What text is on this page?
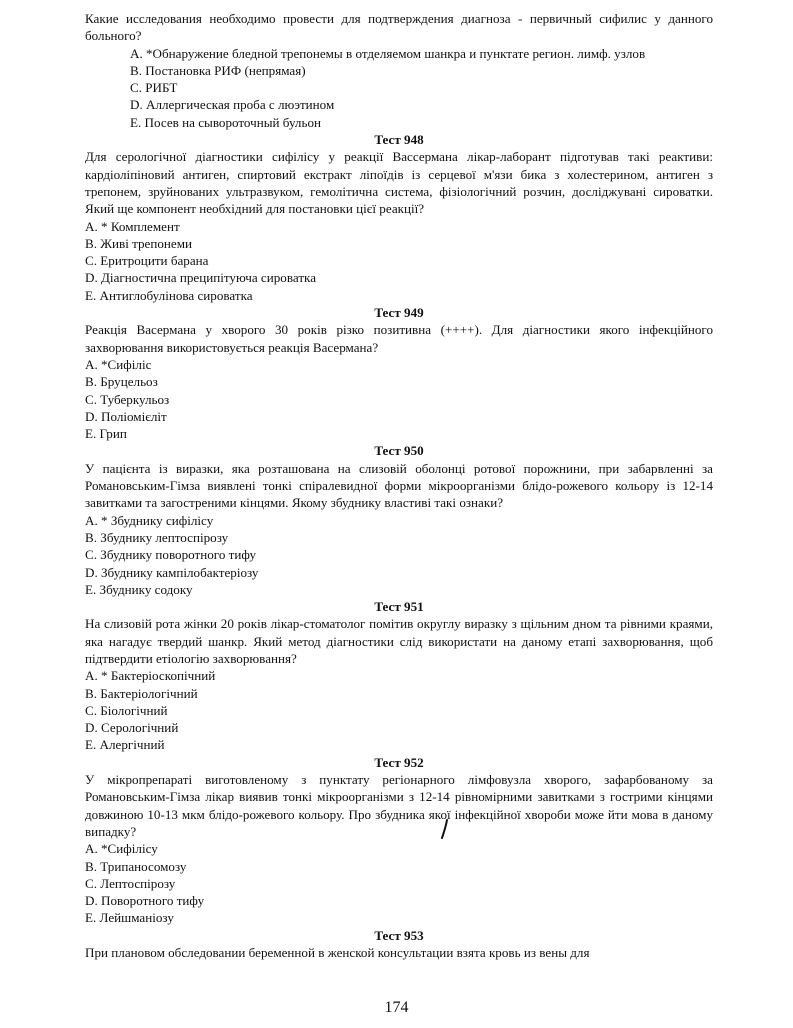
Какие исследования необходимо провести для подтверждения диагноза - первичный сифилис у данного больного?
A. *Обнаружение бледной трепонемы в отделяемом шанкра и пунктате регион. лимф. узлов
B. Постановка РИФ (непрямая)
C. РИБТ
D. Аллергическая проба с люэтином
E. Посев на сывороточный бульон
Тест 948
Для серологічної діагностики сифілісу у реакції Вассермана лікар-лаборант підготував такі реактиви: кардіоліпіновий антиген, спиртовий екстракт ліпоїдів із серцевої м'язи бика з холестерином, антиген з трепонем, зруйнованих ультразвуком, гемолітична система, фізіологічний розчин, досліджувані сироватки. Який ще компонент необхідний для постановки цієї реакції?
A. * Комплемент
B. Живі трепонеми
C. Еритроцити барана
D. Діагностична преципітуюча сироватка
E. Антиглобулінова сироватка
Тест 949
Реакція Васермана у хворого 30 років різко позитивна (++++). Для діагностики якого інфекційного захворювання використовується реакція Васермана?
A. *Сифіліс
B. Бруцельоз
C. Туберкульоз
D. Поліомієліт
E. Грип
Тест 950
У пацієнта із виразки, яка розташована на слизовій оболонці ротової порожнини, при забарвленні за Романовським-Гімза виявлені тонкі спіралевидної форми мікроорганізми блідо-рожевого кольору із 12-14 завитками та загостреними кінцями. Якому збуднику властиві такі ознаки?
A. * Збуднику сифілісу
B. Збуднику лептоспірозу
C. Збуднику поворотного тифу
D. Збуднику кампілобактеріозу
E. Збуднику содоку
Тест 951
На слизовій рота жінки 20 років лікар-стоматолог помітив округлу виразку з щільним дном та рівними краями, яка нагадує твердий шанкр. Який метод діагностики слід використати на даному етапі захворювання, щоб підтвердити етіологію захворювання?
A. * Бактеріоскопічний
B. Бактеріологічний
C. Біологічний
D. Серологічний
E. Алергічний
Тест 952
У мікропрепараті виготовленому з пунктату регіонарного лімфовузла хворого, зафарбованому за Романовським-Гімза лікар виявив тонкі мікроорганізми з 12-14 рівномірними завитками з гострими кінцями довжиною 10-13 мкм блідо-рожевого кольору. Про збудника якої інфекційної хвороби може йти мова в даному випадку?
A. *Сифілісу
B. Трипаносомозу
C. Лептоспірозу
D. Поворотного тифу
E. Лейшманіозу
Тест 953
При плановом обследовании беременной в женской консультации взята кровь из вены для
174
